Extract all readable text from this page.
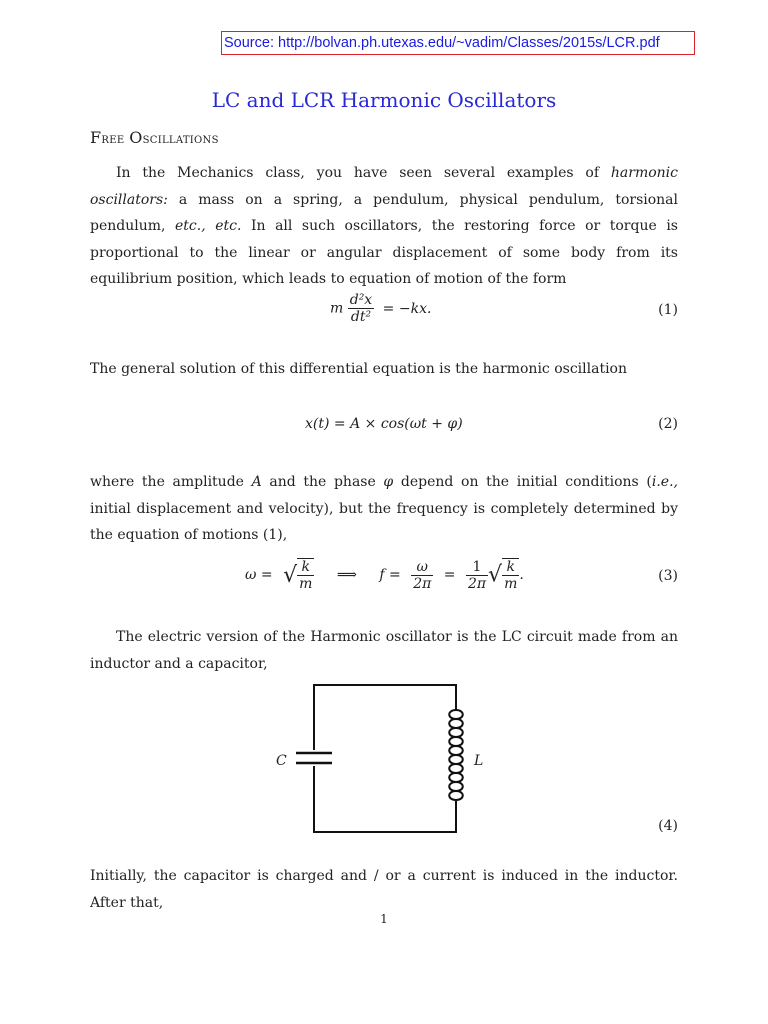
Source: http://bolvan.ph.utexas.edu/~vadim/Classes/2015s/LCR.pdf
LC and LCR Harmonic Oscillators
Free Oscillations
In the Mechanics class, you have seen several examples of harmonic oscillators: a mass on a spring, a pendulum, physical pendulum, torsional pendulum, etc., etc. In all such oscillators, the restoring force or torque is proportional to the linear or angular displacement of some body from its equilibrium position, which leads to equation of motion of the form
m $\frac{\text{d²x}}{\text{dt²}} = -kx$.	(1)
The general solution of this differential equation is the harmonic oscillation
x(t) = A × cos(ωt + φ)	(2)
where the amplitude A and the phase φ depend on the initial conditions (i.e., initial displacement and velocity), but the frequency is completely determined by the equation of motions (1),
ω = √ $\frac{k}{m}$ ⟹ $f = \frac{\omega}{2\pi} = \frac{1}{2\pi}$ √ $\frac{k}{m}$ .	(3)
The electric version of the Harmonic oscillator is the LC circuit made from an inductor and a capacitor,
C	L
(4)
Initially, the capacitor is charged and / or a current is induced in the inductor. After that,
1
